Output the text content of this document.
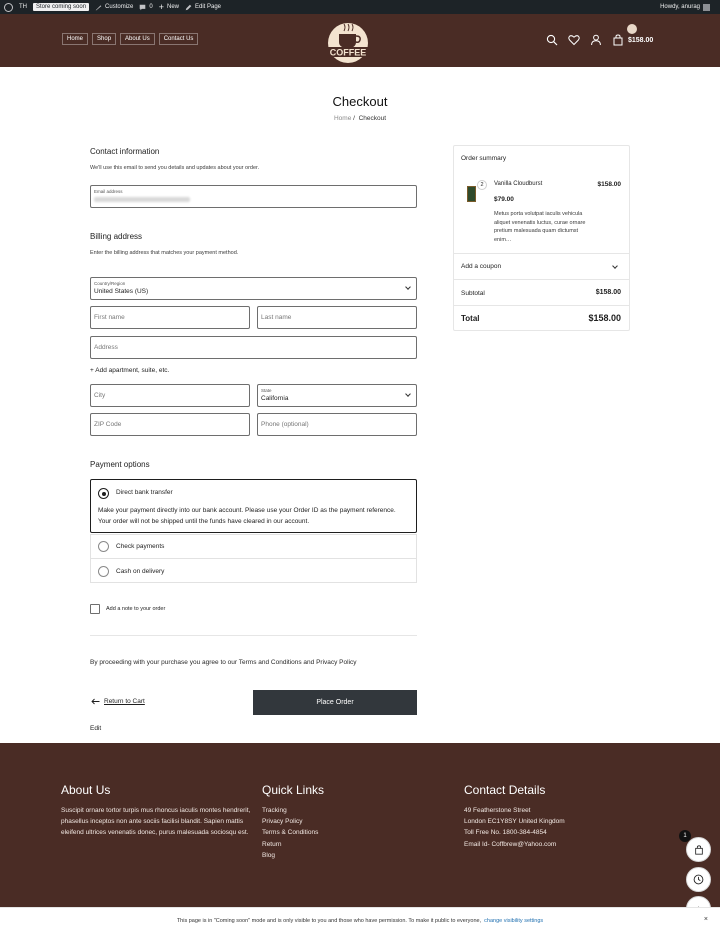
TH	Store coming soon	Customize	0 + New	Edit Page	Howdy, anurag
Home	Shop	About Us	Contact Us
COFFEE
SHOP
$158.00
Checkout
Home / Checkout
Contact information
We'll use this email to send you details and updates about your order.
Email address
Billing address
Enter the billing address that matches your payment method.
Country/Region
United States (US)
First name	Last name
Address
+ Add apartment, suite, etc.
City
State
California
ZIP Code	Phone (optional)
Payment options
Direct bank transfer
Make your payment directly into our bank account. Please use your Order ID as the payment reference. Your order will not be shipped until the funds have cleared in our account.
Check payments
Cash on delivery
Add a note to your order
By proceeding with your purchase you agree to our Terms and Conditions and Privacy Policy
Return to Cart	Place Order
Edit
Order summary
2	Vanilla Cloudburst	$158.00
$79.00
Metus porta volutpat iaculis vehicula aliquet venenatis luctus, curae ornare pretium malesuada quam dictumst enim…
Add a coupon
Subtotal	$158.00
Total	$158.00
About Us

Suscipit ornare tortor turpis mus rhoncus iaculis montes hendrerit, phasellus inceptos non ante sociis facilisi blandit. Sapien mattis eleifend ultrices venenatis donec, purus malesuada sociosqu est.

Quick Links
Tracking
Privacy Policy
Terms & Conditions
Return
Blog
Contact Details
49 Featherstone Street
London EC1Y8SY United Kingdom
Toll Free No. 1800-384-4854
Email Id- Coffbrew@Yahoo.com
1
This page is in "Coming soon" mode and is only visible to you and those who have permission. To make it public to everyone, change visibility settings	×
